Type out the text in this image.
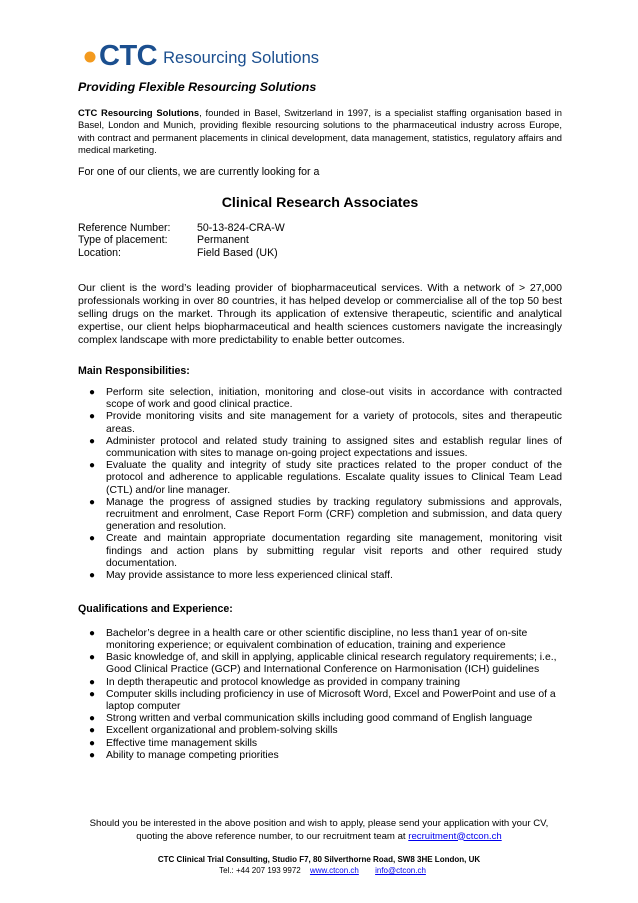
CTC Resourcing Solutions

Providing Flexible Resourcing Solutions

CTC Resourcing Solutions, founded in Basel, Switzerland in 1997, is a specialist staffing organisation based in Basel, London and Munich, providing flexible resourcing solutions to the pharmaceutical industry across Europe, with contract and permanent placements in clinical development, data management, statistics, regulatory affairs and medical marketing.

For one of our clients, we are currently looking for a

Clinical Research Associates

Reference Number:	50-13-824-CRA-W
Type of placement:	Permanent
Location:	Field Based (UK)

Our client is the word’s leading provider of biopharmaceutical services. With a network of > 27,000 professionals working in over 80 countries, it has helped develop or commercialise all of the top 50 best selling drugs on the market. Through its application of extensive therapeutic, scientific and analytical expertise, our client helps biopharmaceutical and health sciences customers navigate the increasingly complex landscape with more predictability to enable better outcomes.

Main Responsibilities:

● Perform site selection, initiation, monitoring and close-out visits in accordance with contracted scope of work and good clinical practice.
● Provide monitoring visits and site management for a variety of protocols, sites and therapeutic areas.
● Administer protocol and related study training to assigned sites and establish regular lines of communication with sites to manage on-going project expectations and issues.
● Evaluate the quality and integrity of study site practices related to the proper conduct of the protocol and adherence to applicable regulations. Escalate quality issues to Clinical Team Lead (CTL) and/or line manager.
● Manage the progress of assigned studies by tracking regulatory submissions and approvals, recruitment and enrolment, Case Report Form (CRF) completion and submission, and data query generation and resolution.
● Create and maintain appropriate documentation regarding site management, monitoring visit findings and action plans by submitting regular visit reports and other required study documentation.
● May provide assistance to more less experienced clinical staff.

Qualifications and Experience:

● Bachelor’s degree in a health care or other scientific discipline, no less than1 year of on-site monitoring experience; or equivalent combination of education, training and experience
● Basic knowledge of, and skill in applying, applicable clinical research regulatory requirements; i.e., Good Clinical Practice (GCP) and International Conference on Harmonisation (ICH) guidelines
● In depth therapeutic and protocol knowledge as provided in company training
● Computer skills including proficiency in use of Microsoft Word, Excel and PowerPoint and use of a laptop computer
● Strong written and verbal communication skills including good command of English language
● Excellent organizational and problem-solving skills
● Effective time management skills
● Ability to manage competing priorities
Should you be interested in the above position and wish to apply, please send your application with your CV, quoting the above reference number, to our recruitment team at recruitment@ctcon.ch
CTC Clinical Trial Consulting, Studio F7, 80 Silverthorne Road, SW8 3HE London, UK
Tel.: +44 207 193 9972 www.ctcon.ch info@ctcon.ch
